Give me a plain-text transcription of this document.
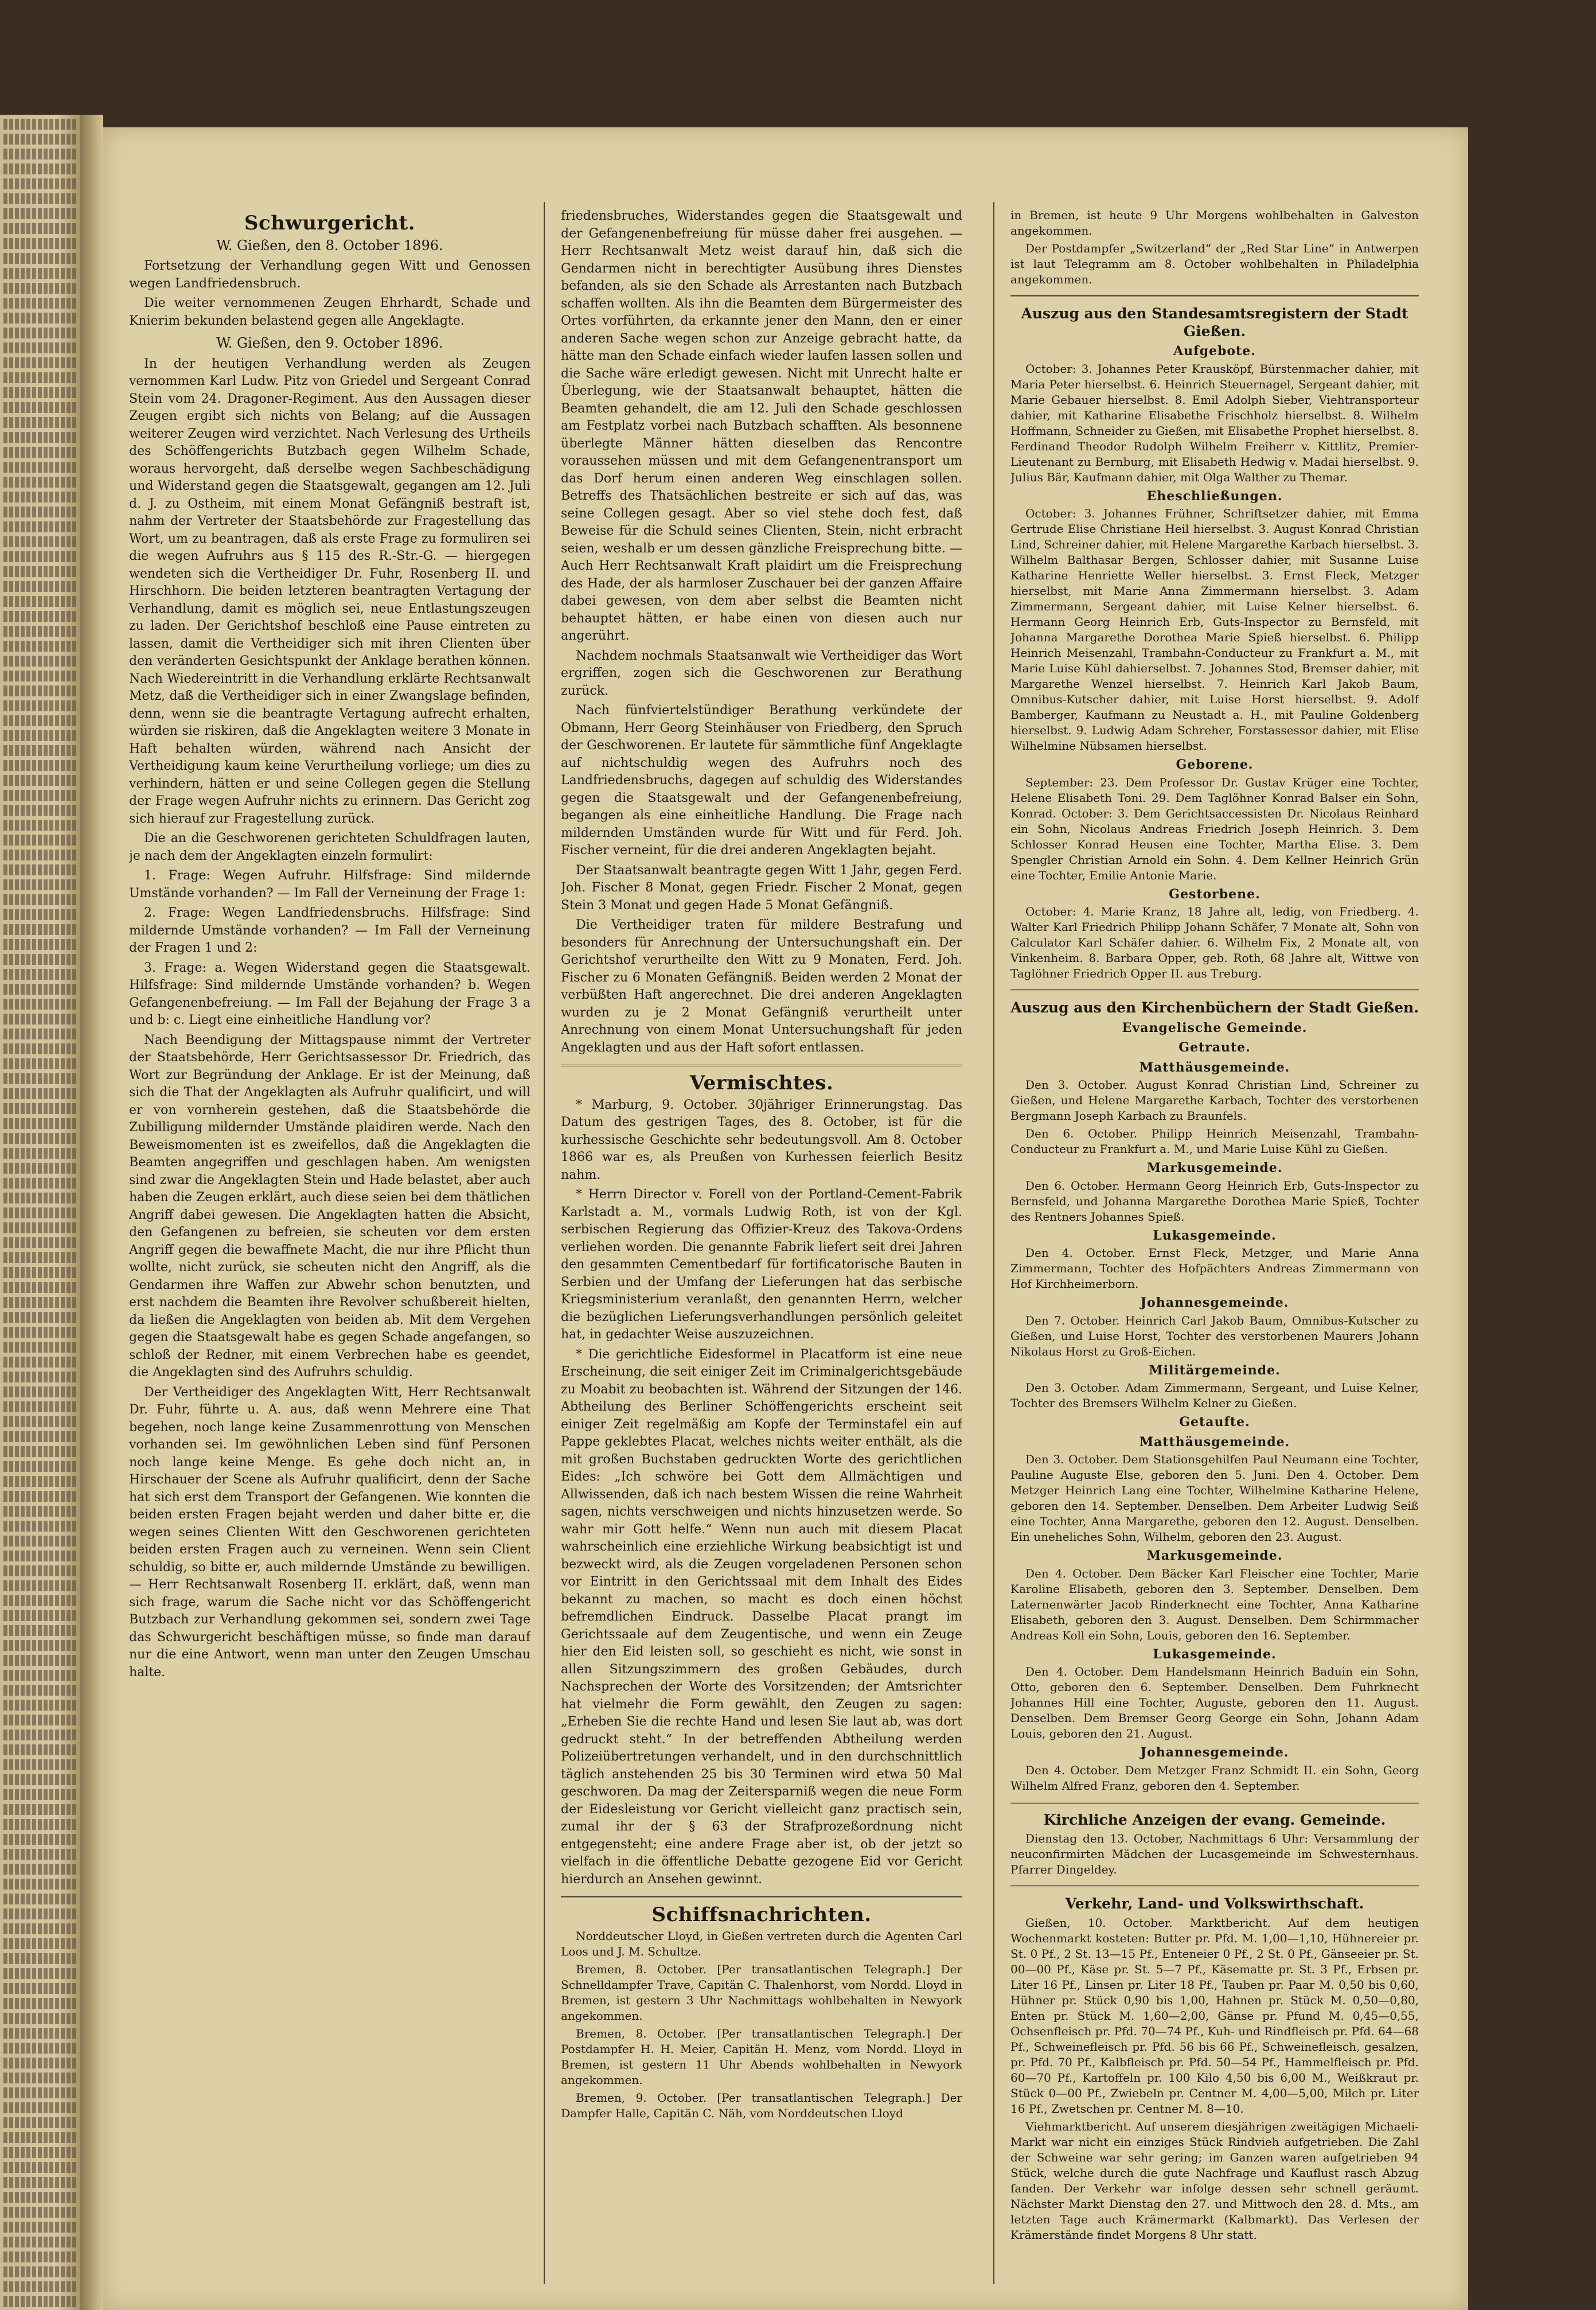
Schwurgericht.
W. Gießen, den 8. October 1896.

Fortsetzung der Verhandlung gegen Witt und Genossen wegen Landfriedensbruch.

Die weiter vernommenen Zeugen Ehrhardt, Schade und Knierim bekunden belastend gegen alle Angeklagte.

W. Gießen, den 9. October 1896.

In der heutigen Verhandlung werden als Zeugen vernommen Karl Ludw. Pitz von Griedel und Sergeant Conrad Stein vom 24. Dragoner-Regiment. Aus den Aussagen dieser Zeugen ergibt sich nichts von Belang; auf die Aussagen weiterer Zeugen wird verzichtet. Nach Verlesung des Urtheils des Schöffengerichts Butzbach gegen Wilhelm Schade, woraus hervorgeht, daß derselbe wegen Sachbeschädigung und Widerstand gegen die Staatsgewalt, gegangen am 12. Juli d. J. zu Ostheim, mit einem Monat Gefängniß bestraft ist, nahm der Vertreter der Staatsbehörde zur Fragestellung das Wort, um zu beantragen, daß als erste Frage zu formuliren sei die wegen Aufruhrs aus § 115 des R.-Str.-G. — hiergegen wendeten sich die Vertheidiger Dr. Fuhr, Rosenberg II. und Hirschhorn. Die beiden letzteren beantragten Vertagung der Verhandlung, damit es möglich sei, neue Entlastungszeugen zu laden. Der Gerichtshof beschloß eine Pause eintreten zu lassen, damit die Vertheidiger sich mit ihren Clienten über den veränderten Gesichtspunkt der Anklage berathen können. Nach Wiedereintritt in die Verhandlung erklärte Rechtsanwalt Metz, daß die Vertheidiger sich in einer Zwangslage befinden, denn, wenn sie die beantragte Vertagung aufrecht erhalten, würden sie riskiren, daß die Angeklagten weitere 3 Monate in Haft behalten würden, während nach Ansicht der Vertheidigung kaum keine Verurtheilung vorliege; um dies zu verhindern, hätten er und seine Collegen gegen die Stellung der Frage wegen Aufruhr nichts zu erinnern. Das Gericht zog sich hierauf zur Fragestellung zurück.

Die an die Geschworenen gerichteten Schuldfragen lauten, je nach dem der Angeklagten einzeln formulirt:

1. Frage: Wegen Aufruhr. Hilfsfrage: Sind mildernde Umstände vorhanden? — Im Fall der Verneinung der Frage 1:

2. Frage: Wegen Landfriedensbruchs. Hilfsfrage: Sind mildernde Umstände vorhanden? — Im Fall der Verneinung der Fragen 1 und 2:

3. Frage: a. Wegen Widerstand gegen die Staatsgewalt. Hilfsfrage: Sind mildernde Umstände vorhanden? b. Wegen Gefangenenbefreiung. — Im Fall der Bejahung der Frage 3 a und b: c. Liegt eine einheitliche Handlung vor?

Nach Beendigung der Mittagspause nimmt der Vertreter der Staatsbehörde, Herr Gerichtsassessor Dr. Friedrich, das Wort zur Begründung der Anklage. Er ist der Meinung, daß sich die That der Angeklagten als Aufruhr qualificirt, und will er von vornherein gestehen, daß die Staatsbehörde die Zubilligung mildernder Umstände plaidiren werde. Nach den Beweismomenten ist es zweifellos, daß die Angeklagten die Beamten angegriffen und geschlagen haben. Am wenigsten sind zwar die Angeklagten Stein und Hade belastet, aber auch haben die Zeugen erklärt, auch diese seien bei dem thätlichen Angriff dabei gewesen. Die Angeklagten hatten die Absicht, den Gefangenen zu befreien, sie scheuten vor dem ersten Angriff gegen die bewaffnete Macht, die nur ihre Pflicht thun wollte, nicht zurück, sie scheuten nicht den Angriff, als die Gendarmen ihre Waffen zur Abwehr schon benutzten, und erst nachdem die Beamten ihre Revolver schußbereit hielten, da ließen die Angeklagten von beiden ab. Mit dem Vergehen gegen die Staatsgewalt habe es gegen Schade angefangen, so schloß der Redner, mit einem Verbrechen habe es geendet, die Angeklagten sind des Aufruhrs schuldig.

Der Vertheidiger des Angeklagten Witt, Herr Rechtsanwalt Dr. Fuhr, führte u. A. aus, daß wenn Mehrere eine That begehen, noch lange keine Zusammenrottung von Menschen vorhanden sei. Im gewöhnlichen Leben sind fünf Personen noch lange keine Menge. Es gehe doch nicht an, in Hirschauer der Scene als Aufruhr qualificirt, denn der Sache hat sich erst dem Transport der Gefangenen. Wie konnten die beiden ersten Fragen bejaht werden und daher bitte er, die wegen seines Clienten Witt den Geschworenen gerichteten beiden ersten Fragen auch zu verneinen. Wenn sein Client schuldig, so bitte er, auch mildernde Umstände zu bewilligen. — Herr Rechtsanwalt Rosenberg II. erklärt, daß, wenn man sich frage, warum die Sache nicht vor das Schöffengericht Butzbach zur Verhandlung gekommen sei, sondern zwei Tage das Schwurgericht beschäftigen müsse, so finde man darauf nur die eine Antwort, wenn man unter den Zeugen Umschau halte.

friedensbruches, Widerstandes gegen die Staatsgewalt und der Gefangenenbefreiung für müsse daher frei ausgehen. — Herr Rechtsanwalt Metz weist darauf hin, daß sich die Gendarmen nicht in berechtigter Ausübung ihres Dienstes befanden, als sie den Schade als Arrestanten nach Butzbach schaffen wollten. Als ihn die Beamten dem Bürgermeister des Ortes vorführten, da erkannte jener den Mann, den er einer anderen Sache wegen schon zur Anzeige gebracht hatte, da hätte man den Schade einfach wieder laufen lassen sollen und die Sache wäre erledigt gewesen. Nicht mit Unrecht halte er Überlegung, wie der Staatsanwalt behauptet, hätten die Beamten gehandelt, die am 12. Juli den Schade geschlossen am Festplatz vorbei nach Butzbach schafften. Als besonnene überlegte Männer hätten dieselben das Rencontre voraussehen müssen und mit dem Gefangenentransport um das Dorf herum einen anderen Weg einschlagen sollen. Betreffs des Thatsächlichen bestreite er sich auf das, was seine Collegen gesagt. Aber so viel stehe doch fest, daß Beweise für die Schuld seines Clienten, Stein, nicht erbracht seien, weshalb er um dessen gänzliche Freisprechung bitte. — Auch Herr Rechtsanwalt Kraft plaidirt um die Freisprechung des Hade, der als harmloser Zuschauer bei der ganzen Affaire dabei gewesen, von dem aber selbst die Beamten nicht behauptet hätten, er habe einen von diesen auch nur angerührt.

Nachdem nochmals Staatsanwalt wie Vertheidiger das Wort ergriffen, zogen sich die Geschworenen zur Berathung zurück.

Nach fünfviertelstündiger Berathung verkündete der Obmann, Herr Georg Steinhäuser von Friedberg, den Spruch der Geschworenen. Er lautete für sämmtliche fünf Angeklagte auf nichtschuldig wegen des Aufruhrs noch des Landfriedensbruchs, dagegen auf schuldig des Widerstandes gegen die Staatsgewalt und der Gefangenenbefreiung, begangen als eine einheitliche Handlung. Die Frage nach mildernden Umständen wurde für Witt und für Ferd. Joh. Fischer verneint, für die drei anderen Angeklagten bejaht.

Der Staatsanwalt beantragte gegen Witt 1 Jahr, gegen Ferd. Joh. Fischer 8 Monat, gegen Friedr. Fischer 2 Monat, gegen Stein 3 Monat und gegen Hade 5 Monat Gefängniß.

Die Vertheidiger traten für mildere Bestrafung und besonders für Anrechnung der Untersuchungshaft ein. Der Gerichtshof verurtheilte den Witt zu 9 Monaten, Ferd. Joh. Fischer zu 6 Monaten Gefängniß. Beiden werden 2 Monat der verbüßten Haft angerechnet. Die drei anderen Angeklagten wurden zu je 2 Monat Gefängniß verurtheilt unter Anrechnung von einem Monat Untersuchungshaft für jeden Angeklagten und aus der Haft sofort entlassen.

Vermischtes.

* Marburg, 9. October. 30jähriger Erinnerungstag. Das Datum des gestrigen Tages, des 8. October, ist für die kurhessische Geschichte sehr bedeutungsvoll. Am 8. October 1866 war es, als Preußen von Kurhessen feierlich Besitz nahm.

* Herrn Director v. Forell von der Portland-Cement-Fabrik Karlstadt a. M., vormals Ludwig Roth, ist von der Kgl. serbischen Regierung das Offizier-Kreuz des Takova-Ordens verliehen worden. Die genannte Fabrik liefert seit drei Jahren den gesammten Cementbedarf für fortificatorische Bauten in Serbien und der Umfang der Lieferungen hat das serbische Kriegsministerium veranlaßt, den genannten Herrn, welcher die bezüglichen Lieferungsverhandlungen persönlich geleitet hat, in gedachter Weise auszuzeichnen.

* Die gerichtliche Eidesformel in Placatform ist eine neue Erscheinung, die seit einiger Zeit im Criminalgerichtsgebäude zu Moabit zu beobachten ist. Während der Sitzungen der 146. Abtheilung des Berliner Schöffengerichts erscheint seit einiger Zeit regelmäßig am Kopfe der Terminstafel ein auf Pappe geklebtes Placat, welches nichts weiter enthält, als die mit großen Buchstaben gedruckten Worte des gerichtlichen Eides: „Ich schwöre bei Gott dem Allmächtigen und Allwissenden, daß ich nach bestem Wissen die reine Wahrheit sagen, nichts verschweigen und nichts hinzusetzen werde. So wahr mir Gott helfe.“ Wenn nun auch mit diesem Placat wahrscheinlich eine erziehliche Wirkung beabsichtigt ist und bezweckt wird, als die Zeugen vorgeladenen Personen schon vor Eintritt in den Gerichtssaal mit dem Inhalt des Eides bekannt zu machen, so macht es doch einen höchst befremdlichen Eindruck. Dasselbe Placat prangt im Gerichtssaale auf dem Zeugentische, und wenn ein Zeuge hier den Eid leisten soll, so geschieht es nicht, wie sonst in allen Sitzungszimmern des großen Gebäudes, durch Nachsprechen der Worte des Vorsitzenden; der Amtsrichter hat vielmehr die Form gewählt, den Zeugen zu sagen: „Erheben Sie die rechte Hand und lesen Sie laut ab, was dort gedruckt steht.“ In der betreffenden Abtheilung werden Polizeiübertretungen verhandelt, und in den durchschnittlich täglich anstehenden 25 bis 30 Terminen wird etwa 50 Mal geschworen. Da mag der Zeitersparniß wegen die neue Form der Eidesleistung vor Gericht vielleicht ganz practisch sein, zumal ihr der § 63 der Strafprozeßordnung nicht entgegensteht; eine andere Frage aber ist, ob der jetzt so vielfach in die öffentliche Debatte gezogene Eid vor Gericht hierdurch an Ansehen gewinnt.

Schiffsnachrichten.

Norddeutscher Lloyd, in Gießen vertreten durch die Agenten Carl Loos und J. M. Schultze.

Bremen, 8. October. [Per transatlantischen Telegraph.] Der Schnelldampfer Trave, Capitän C. Thalenhorst, vom Nordd. Lloyd in Bremen, ist gestern 3 Uhr Nachmittags wohlbehalten in Newyork angekommen.

Bremen, 8. October. [Per transatlantischen Telegraph.] Der Postdampfer H. H. Meier, Capitän H. Menz, vom Nordd. Lloyd in Bremen, ist gestern 11 Uhr Abends wohlbehalten in Newyork angekommen.

Bremen, 9. October. [Per transatlantischen Telegraph.] Der Dampfer Halle, Capitän C. Näh, vom Norddeutschen Lloyd

in Bremen, ist heute 9 Uhr Morgens wohlbehalten in Galveston angekommen.

Der Postdampfer „Switzerland“ der „Red Star Line“ in Antwerpen ist laut Telegramm am 8. October wohlbehalten in Philadelphia angekommen.

Auszug aus den Standesamtsregistern der Stadt Gießen.
Aufgebote.

October: 3. Johannes Peter Krausköpf, Bürstenmacher dahier, mit Maria Peter hierselbst. 6. Heinrich Steuernagel, Sergeant dahier, mit Marie Gebauer hierselbst. 8. Emil Adolph Sieber, Viehtransporteur dahier, mit Katharine Elisabethe Frischholz hierselbst. 8. Wilhelm Hoffmann, Schneider zu Gießen, mit Elisabethe Prophet hierselbst. 8. Ferdinand Theodor Rudolph Wilhelm Freiherr v. Kittlitz, Premier-Lieutenant zu Bernburg, mit Elisabeth Hedwig v. Madai hierselbst. 9. Julius Bär, Kaufmann dahier, mit Olga Walther zu Themar.

Eheschließungen.

October: 3. Johannes Frühner, Schriftsetzer dahier, mit Emma Gertrude Elise Christiane Heil hierselbst. 3. August Konrad Christian Lind, Schreiner dahier, mit Helene Margarethe Karbach hierselbst. 3. Wilhelm Balthasar Bergen, Schlosser dahier, mit Susanne Luise Katharine Henriette Weller hierselbst. 3. Ernst Fleck, Metzger hierselbst, mit Marie Anna Zimmermann hierselbst. 3. Adam Zimmermann, Sergeant dahier, mit Luise Kelner hierselbst. 6. Hermann Georg Heinrich Erb, Guts-Inspector zu Bernsfeld, mit Johanna Margarethe Dorothea Marie Spieß hierselbst. 6. Philipp Heinrich Meisenzahl, Trambahn-Conducteur zu Frankfurt a. M., mit Marie Luise Kühl dahierselbst. 7. Johannes Stod, Bremser dahier, mit Margarethe Wenzel hierselbst. 7. Heinrich Karl Jakob Baum, Omnibus-Kutscher dahier, mit Luise Horst hierselbst. 9. Adolf Bamberger, Kaufmann zu Neustadt a. H., mit Pauline Goldenberg hierselbst. 9. Ludwig Adam Schreher, Forstassessor dahier, mit Elise Wilhelmine Nübsamen hierselbst.

Geborene.

September: 23. Dem Professor Dr. Gustav Krüger eine Tochter, Helene Elisabeth Toni. 29. Dem Taglöhner Konrad Balser ein Sohn, Konrad. October: 3. Dem Gerichtsaccessisten Dr. Nicolaus Reinhard ein Sohn, Nicolaus Andreas Friedrich Joseph Heinrich. 3. Dem Schlosser Konrad Heusen eine Tochter, Martha Elise. 3. Dem Spengler Christian Arnold ein Sohn. 4. Dem Kellner Heinrich Grün eine Tochter, Emilie Antonie Marie.

Gestorbene.

October: 4. Marie Kranz, 18 Jahre alt, ledig, von Friedberg. 4. Walter Karl Friedrich Philipp Johann Schäfer, 7 Monate alt, Sohn von Calculator Karl Schäfer dahier. 6. Wilhelm Fix, 2 Monate alt, von Vinkenheim. 8. Barbara Opper, geb. Roth, 68 Jahre alt, Wittwe von Taglöhner Friedrich Opper II. aus Treburg.

Auszug aus den Kirchenbüchern der Stadt Gießen.
Evangelische Gemeinde.
Getraute.
Matthäusgemeinde.

Den 3. October. August Konrad Christian Lind, Schreiner zu Gießen, und Helene Margarethe Karbach, Tochter des verstorbenen Bergmann Joseph Karbach zu Braunfels.

Den 6. October. Philipp Heinrich Meisenzahl, Trambahn-Conducteur zu Frankfurt a. M., und Marie Luise Kühl zu Gießen.

Markusgemeinde.

Den 6. October. Hermann Georg Heinrich Erb, Guts-Inspector zu Bernsfeld, und Johanna Margarethe Dorothea Marie Spieß, Tochter des Rentners Johannes Spieß.

Lukasgemeinde.

Den 4. October. Ernst Fleck, Metzger, und Marie Anna Zimmermann, Tochter des Hofpächters Andreas Zimmermann von Hof Kirchheimerborn.

Johannesgemeinde.

Den 7. October. Heinrich Carl Jakob Baum, Omnibus-Kutscher zu Gießen, und Luise Horst, Tochter des verstorbenen Maurers Johann Nikolaus Horst zu Groß-Eichen.

Militärgemeinde.

Den 3. October. Adam Zimmermann, Sergeant, und Luise Kelner, Tochter des Bremsers Wilhelm Kelner zu Gießen.

Getaufte.
Matthäusgemeinde.

Den 3. October. Dem Stationsgehilfen Paul Neumann eine Tochter, Pauline Auguste Else, geboren den 5. Juni. Den 4. October. Dem Metzger Heinrich Lang eine Tochter, Wilhelmine Katharine Helene, geboren den 14. September. Denselben. Dem Arbeiter Ludwig Seiß eine Tochter, Anna Margarethe, geboren den 12. August. Denselben. Ein uneheliches Sohn, Wilhelm, geboren den 23. August.

Markusgemeinde.

Den 4. October. Dem Bäcker Karl Fleischer eine Tochter, Marie Karoline Elisabeth, geboren den 3. September. Denselben. Dem Laternenwärter Jacob Rinderknecht eine Tochter, Anna Katharine Elisabeth, geboren den 3. August. Denselben. Dem Schirmmacher Andreas Koll ein Sohn, Louis, geboren den 16. September.

Lukasgemeinde.

Den 4. October. Dem Handelsmann Heinrich Baduin ein Sohn, Otto, geboren den 6. September. Denselben. Dem Fuhrknecht Johannes Hill eine Tochter, Auguste, geboren den 11. August. Denselben. Dem Bremser Georg George ein Sohn, Johann Adam Louis, geboren den 21. August.

Johannesgemeinde.

Den 4. October. Dem Metzger Franz Schmidt II. ein Sohn, Georg Wilhelm Alfred Franz, geboren den 4. September.

Kirchliche Anzeigen der evang. Gemeinde.

Dienstag den 13. October, Nachmittags 6 Uhr: Versammlung der neuconfirmirten Mädchen der Lucasgemeinde im Schwesternhaus. Pfarrer Dingeldey.

Verkehr, Land- und Volkswirthschaft.

Gießen, 10. October. Marktbericht. Auf dem heutigen Wochenmarkt kosteten: Butter pr. Pfd. M. 1,00—1,10, Hühnereier pr. St. 0 Pf., 2 St. 13—15 Pf., Enteneier 0 Pf., 2 St. 0 Pf., Gänseeier pr. St. 00—00 Pf., Käse pr. St. 5—7 Pf., Käsematte pr. St. 3 Pf., Erbsen pr. Liter 16 Pf., Linsen pr. Liter 18 Pf., Tauben pr. Paar M. 0,50 bis 0,60, Hühner pr. Stück 0,90 bis 1,00, Hahnen pr. Stück M. 0,50—0,80, Enten pr. Stück M. 1,60—2,00, Gänse pr. Pfund M. 0,45—0,55, Ochsenfleisch pr. Pfd. 70—74 Pf., Kuh- und Rindfleisch pr. Pfd. 64—68 Pf., Schweinefleisch pr. Pfd. 56 bis 66 Pf., Schweinefleisch, gesalzen, pr. Pfd. 70 Pf., Kalbfleisch pr. Pfd. 50—54 Pf., Hammelfleisch pr. Pfd. 60—70 Pf., Kartoffeln pr. 100 Kilo 4,50 bis 6,00 M., Weißkraut pr. Stück 0—00 Pf., Zwiebeln pr. Centner M. 4,00—5,00, Milch pr. Liter 16 Pf., Zwetschen pr. Centner M. 8—10.

Viehmarktbericht. Auf unserem diesjährigen zweitägigen Michaeli-Markt war nicht ein einziges Stück Rindvieh aufgetrieben. Die Zahl der Schweine war sehr gering; im Ganzen waren aufgetrieben 94 Stück, welche durch die gute Nachfrage und Kauflust rasch Abzug fanden. Der Verkehr war infolge dessen sehr schnell geräumt. Nächster Markt Dienstag den 27. und Mittwoch den 28. d. Mts., am letzten Tage auch Krämermarkt (Kalbmarkt). Das Verlesen der Krämerstände findet Morgens 8 Uhr statt.
